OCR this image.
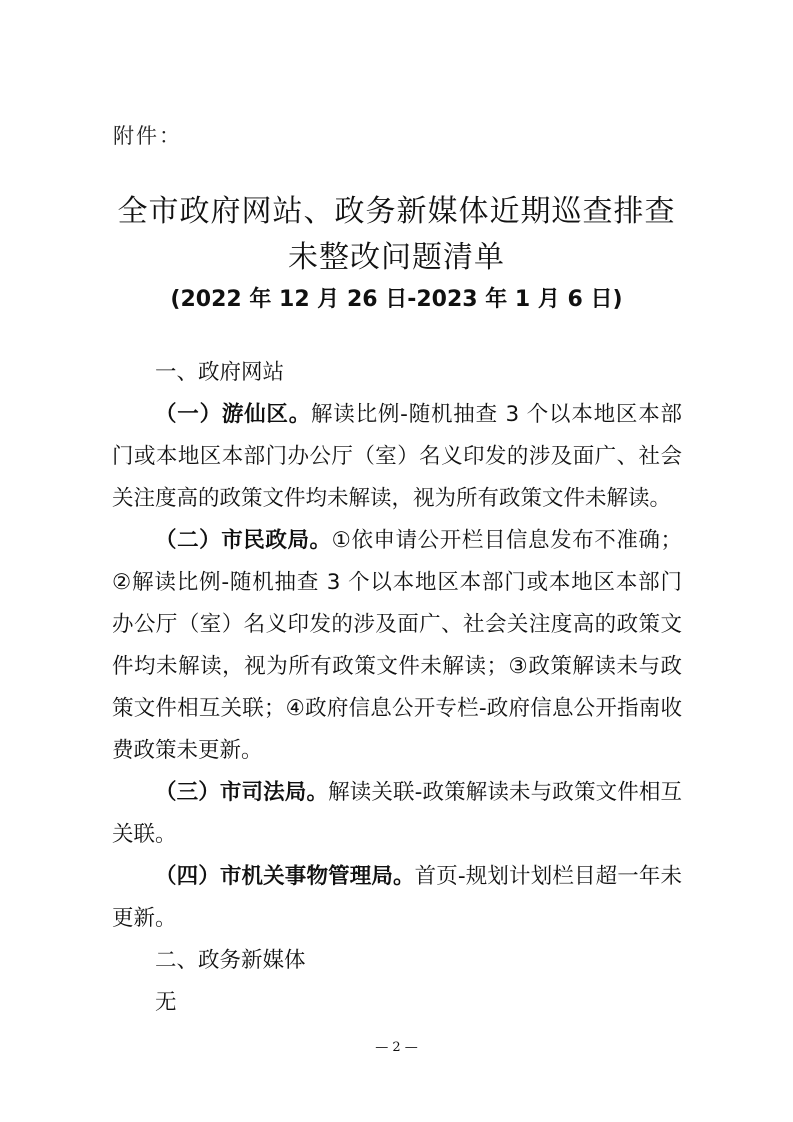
附件：
全市政府网站、政务新媒体近期巡查排查
未整改问题清单
(2022 年 12 月 26 日-2023 年 1 月 6 日)

一、政府网站

（一）游仙区。解读比例-随机抽查 3 个以本地区本部门或本地区本部门办公厅（室）名义印发的涉及面广、社会关注度高的政策文件均未解读，视为所有政策文件未解读。

（二）市民政局。①依申请公开栏目信息发布不准确；②解读比例-随机抽查 3 个以本地区本部门或本地区本部门办公厅（室）名义印发的涉及面广、社会关注度高的政策文件均未解读，视为所有政策文件未解读；③政策解读未与政策文件相互关联；④政府信息公开专栏-政府信息公开指南收费政策未更新。

（三）市司法局。解读关联-政策解读未与政策文件相互关联。

（四）市机关事物管理局。首页-规划计划栏目超一年未更新。

二、政务新媒体

无

— 2 —
